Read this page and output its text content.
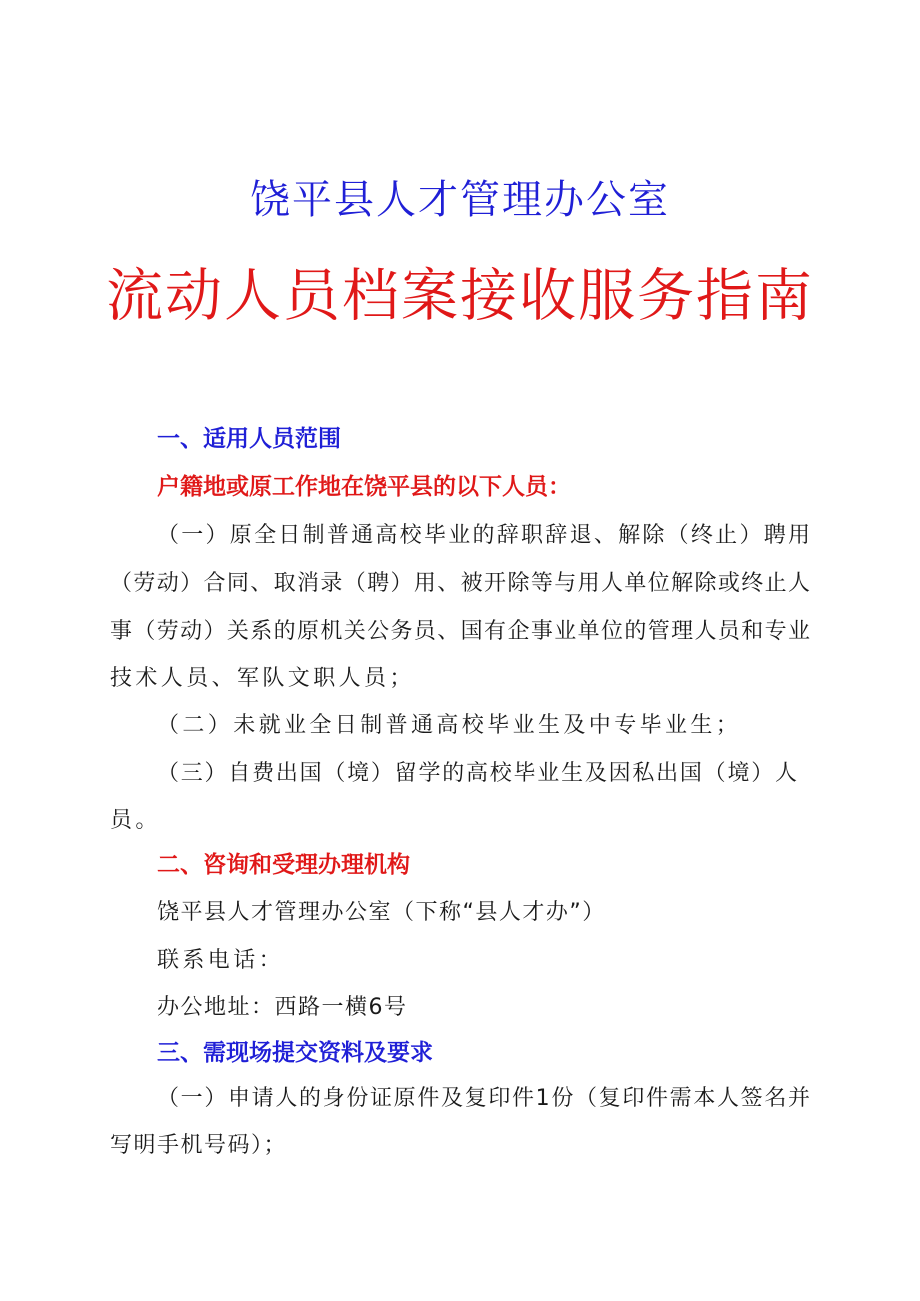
饶平县人才管理办公室
流动人员档案接收服务指南
一、适用人员范围
户籍地或原工作地在饶平县的以下人员：
（一）原全日制普通高校毕业的辞职辞退、解除（终止）聘用
（劳动）合同、取消录（聘）用、被开除等与用人单位解除或终止人
事（劳动）关系的原机关公务员、国有企事业单位的管理人员和专业
技术人员、军队文职人员；
（二）未就业全日制普通高校毕业生及中专毕业生；
（三）自费出国（境）留学的高校毕业生及因私出国（境）人
员。
二、咨询和受理办理机构
饶平县人才管理办公室（下称“县人才办”）
联系电话：
办公地址：西路一横6号
三、需现场提交资料及要求
（一）申请人的身份证原件及复印件1份（复印件需本人签名并
写明手机号码）；
